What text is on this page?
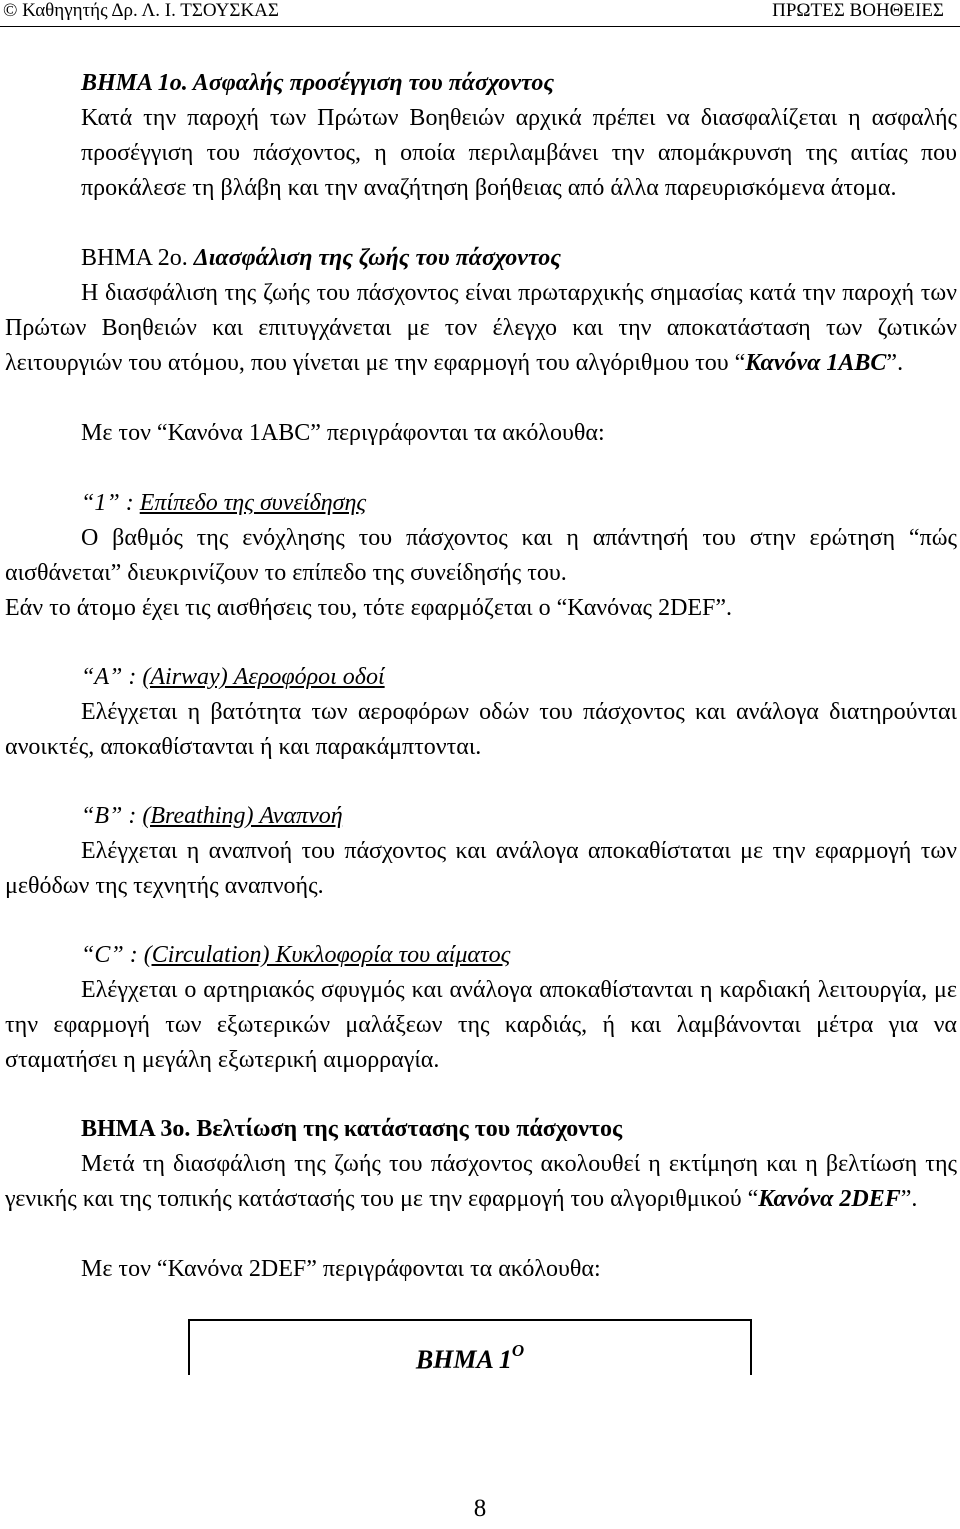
© Καθηγητής Δρ. Λ. Ι. ΤΣΟΥΣΚΑΣ	ΠΡΩΤΕΣ ΒΟΗΘΕΙΕΣ

ΒΗΜΑ 1ο. Ασφαλής προσέγγιση του πάσχοντος

Κατά την παροχή των Πρώτων Βοηθειών αρχικά πρέπει να διασφαλίζεται η ασφαλής προσέγγιση του πάσχοντος, η οποία περιλαμβάνει την απομάκρυνση της αιτίας που προκάλεσε τη βλάβη και την αναζήτηση βοήθειας από άλλα παρευρισκόμενα άτομα.

ΒΗΜΑ 2ο. Διασφάλιση της ζωής του πάσχοντος

Η διασφάλιση της ζωής του πάσχοντος είναι πρωταρχικής σημασίας κατά την παροχή των Πρώτων Βοηθειών και επιτυγχάνεται με τον έλεγχο και την αποκατάσταση των ζωτικών λειτουργιών του ατόμου, που γίνεται με την εφαρμογή του αλγόριθμου του “Κανόνα 1ABC”.

Με τον “Κανόνα 1ABC” περιγράφονται τα ακόλουθα:

“1” : Επίπεδο της συνείδησης

Ο βαθμός της ενόχλησης του πάσχοντος και η απάντησή του στην ερώτηση “πώς αισθάνεται” διευκρινίζουν το επίπεδο της συνείδησής του.

Εάν το άτομο έχει τις αισθήσεις του, τότε εφαρμόζεται ο “Κανόνας 2DEF”.

“A” : (Airway) Αεροφόροι οδοί

Ελέγχεται η βατότητα των αεροφόρων οδών του πάσχοντος και ανάλογα διατηρούνται ανοικτές, αποκαθίστανται ή και παρακάμπτονται.

“B” : (Breathing) Αναπνοή

Ελέγχεται η αναπνοή του πάσχοντος και ανάλογα αποκαθίσταται με την εφαρμογή των μεθόδων της τεχνητής αναπνοής.

“C” : (Circulation) Κυκλοφορία του αίματος

Ελέγχεται ο αρτηριακός σφυγμός και ανάλογα αποκαθίστανται η καρδιακή λειτουργία, με την εφαρμογή των εξωτερικών μαλάξεων της καρδιάς, ή και λαμβάνονται μέτρα για να σταματήσει η μεγάλη εξωτερική αιμορραγία.

ΒΗΜΑ 3ο. Βελτίωση της κατάστασης του πάσχοντος

Μετά τη διασφάλιση της ζωής του πάσχοντος ακολουθεί η εκτίμηση και η βελτίωση της γενικής και της τοπικής κατάστασής του με την εφαρμογή του αλγοριθμικού “Κανόνα 2DEF”.

Με τον “Κανόνα 2DEF” περιγράφονται τα ακόλουθα:

ΒΗΜΑ $1^O$
8
